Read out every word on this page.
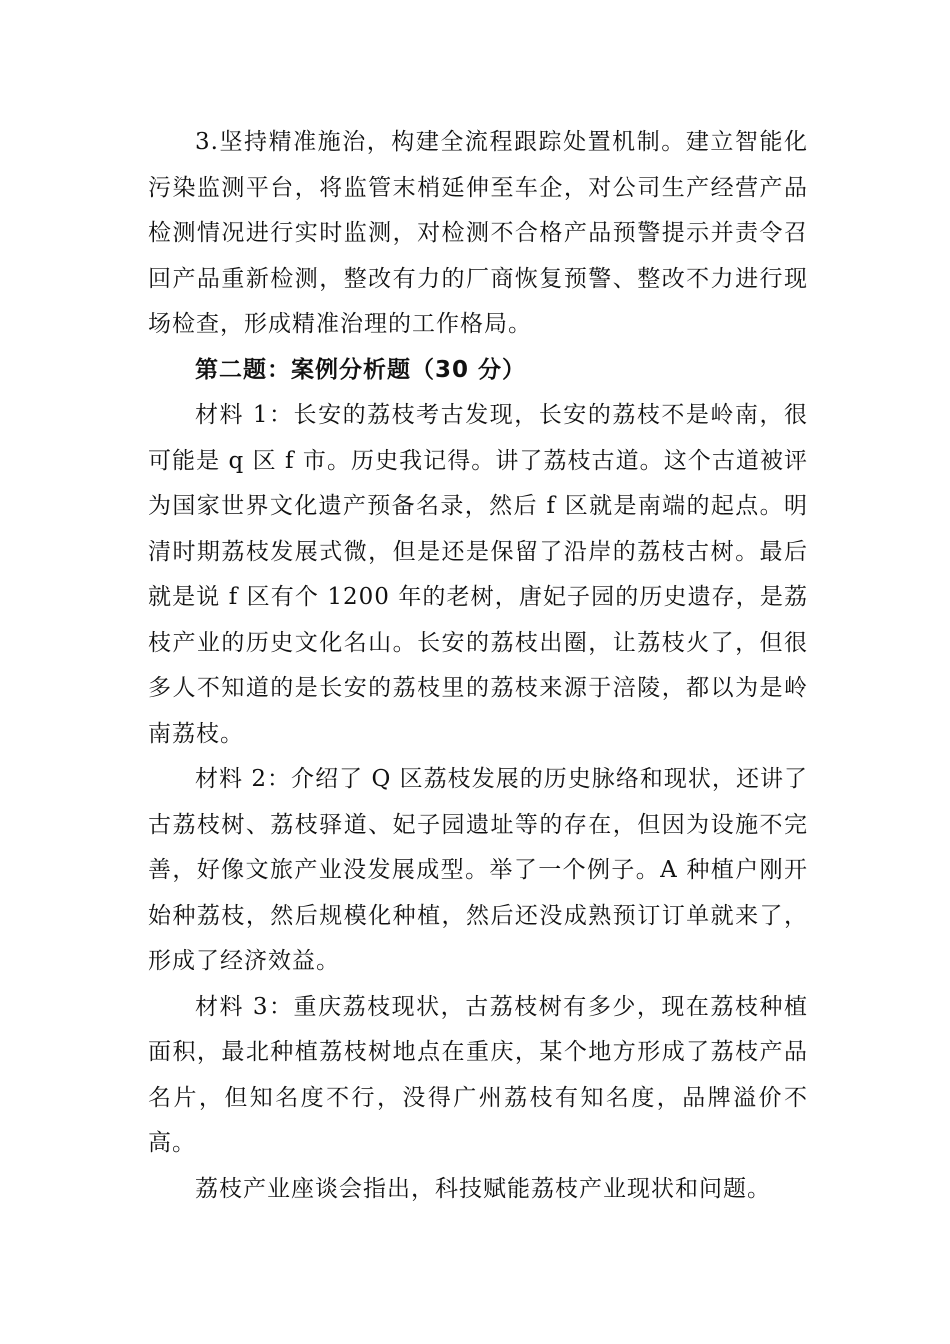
3.坚持精准施治，构建全流程跟踪处置机制。建立智能化污染监测平台，将监管末梢延伸至车企，对公司生产经营产品检测情况进行实时监测，对检测不合格产品预警提示并责令召回产品重新检测，整改有力的厂商恢复预警、整改不力进行现场检查，形成精准治理的工作格局。

第二题：案例分析题（30 分）

材料 1：长安的荔枝考古发现，长安的荔枝不是岭南，很可能是 q 区 f 市。历史我记得。讲了荔枝古道。这个古道被评为国家世界文化遗产预备名录，然后 f 区就是南端的起点。明清时期荔枝发展式微，但是还是保留了沿岸的荔枝古树。最后就是说 f 区有个 1200 年的老树，唐妃子园的历史遗存，是荔枝产业的历史文化名山。长安的荔枝出圈，让荔枝火了，但很多人不知道的是长安的荔枝里的荔枝来源于涪陵，都以为是岭南荔枝。

材料 2：介绍了 Q 区荔枝发展的历史脉络和现状，还讲了古荔枝树、荔枝驿道、妃子园遗址等的存在，但因为设施不完善，好像文旅产业没发展成型。举了一个例子。A 种植户刚开始种荔枝，然后规模化种植，然后还没成熟预订订单就来了，形成了经济效益。

材料 3：重庆荔枝现状，古荔枝树有多少，现在荔枝种植面积，最北种植荔枝树地点在重庆，某个地方形成了荔枝产品名片，但知名度不行，没得广州荔枝有知名度，品牌溢价不高。

荔枝产业座谈会指出，科技赋能荔枝产业现状和问题。
